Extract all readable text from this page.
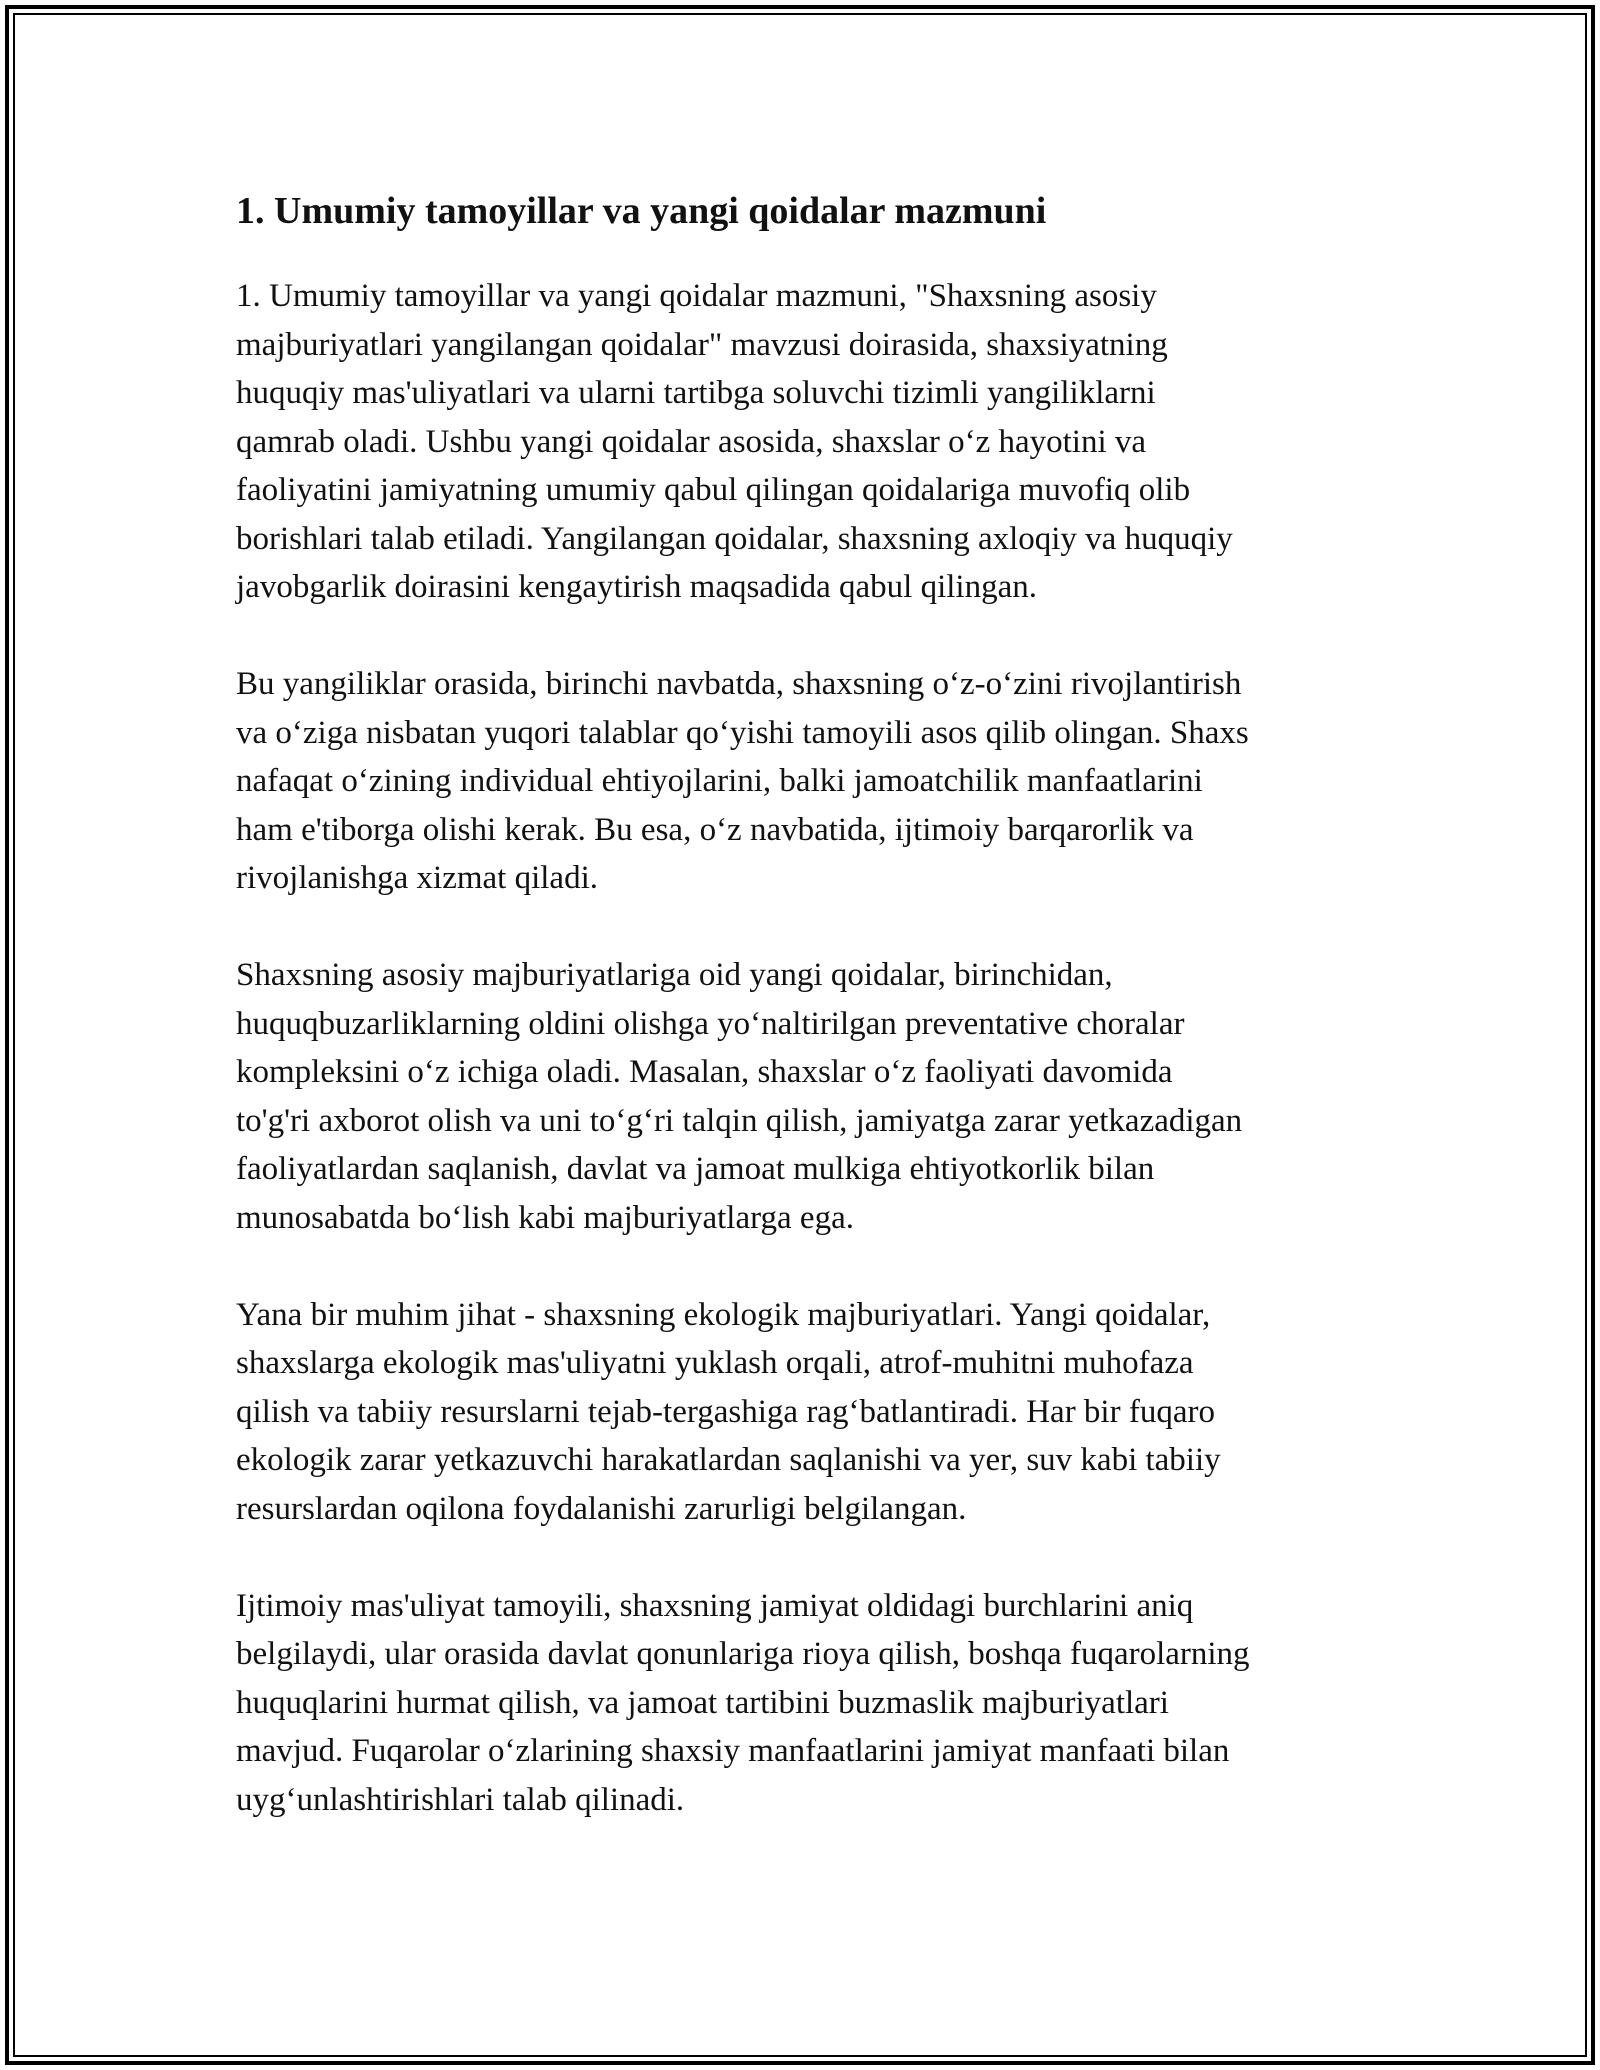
1. Umumiy tamoyillar va yangi qoidalar mazmuni

1. Umumiy tamoyillar va yangi qoidalar mazmuni, "Shaxsning asosiy
majburiyatlari yangilangan qoidalar" mavzusi doirasida, shaxsiyatning
huquqiy mas'uliyatlari va ularni tartibga soluvchi tizimli yangiliklarni
qamrab oladi. Ushbu yangi qoidalar asosida, shaxslar o‘z hayotini va
faoliyatini jamiyatning umumiy qabul qilingan qoidalariga muvofiq olib
borishlari talab etiladi. Yangilangan qoidalar, shaxsning axloqiy va huquqiy
javobgarlik doirasini kengaytirish maqsadida qabul qilingan.

Bu yangiliklar orasida, birinchi navbatda, shaxsning o‘z-o‘zini rivojlantirish
va o‘ziga nisbatan yuqori talablar qo‘yishi tamoyili asos qilib olingan. Shaxs
nafaqat o‘zining individual ehtiyojlarini, balki jamoatchilik manfaatlarini
ham e'tiborga olishi kerak. Bu esa, o‘z navbatida, ijtimoiy barqarorlik va
rivojlanishga xizmat qiladi.

Shaxsning asosiy majburiyatlariga oid yangi qoidalar, birinchidan,
huquqbuzarliklarning oldini olishga yo‘naltirilgan preventative choralar
kompleksini o‘z ichiga oladi. Masalan, shaxslar o‘z faoliyati davomida
to'g'ri axborot olish va uni to‘g‘ri talqin qilish, jamiyatga zarar yetkazadigan
faoliyatlardan saqlanish, davlat va jamoat mulkiga ehtiyotkorlik bilan
munosabatda bo‘lish kabi majburiyatlarga ega.

Yana bir muhim jihat - shaxsning ekologik majburiyatlari. Yangi qoidalar,
shaxslarga ekologik mas'uliyatni yuklash orqali, atrof-muhitni muhofaza
qilish va tabiiy resurslarni tejab-tergashiga rag‘batlantiradi. Har bir fuqaro
ekologik zarar yetkazuvchi harakatlardan saqlanishi va yer, suv kabi tabiiy
resurslardan oqilona foydalanishi zarurligi belgilangan.

Ijtimoiy mas'uliyat tamoyili, shaxsning jamiyat oldidagi burchlarini aniq
belgilaydi, ular orasida davlat qonunlariga rioya qilish, boshqa fuqarolarning
huquqlarini hurmat qilish, va jamoat tartibini buzmaslik majburiyatlari
mavjud. Fuqarolar o‘zlarining shaxsiy manfaatlarini jamiyat manfaati bilan
uyg‘unlashtirishlari talab qilinadi.
